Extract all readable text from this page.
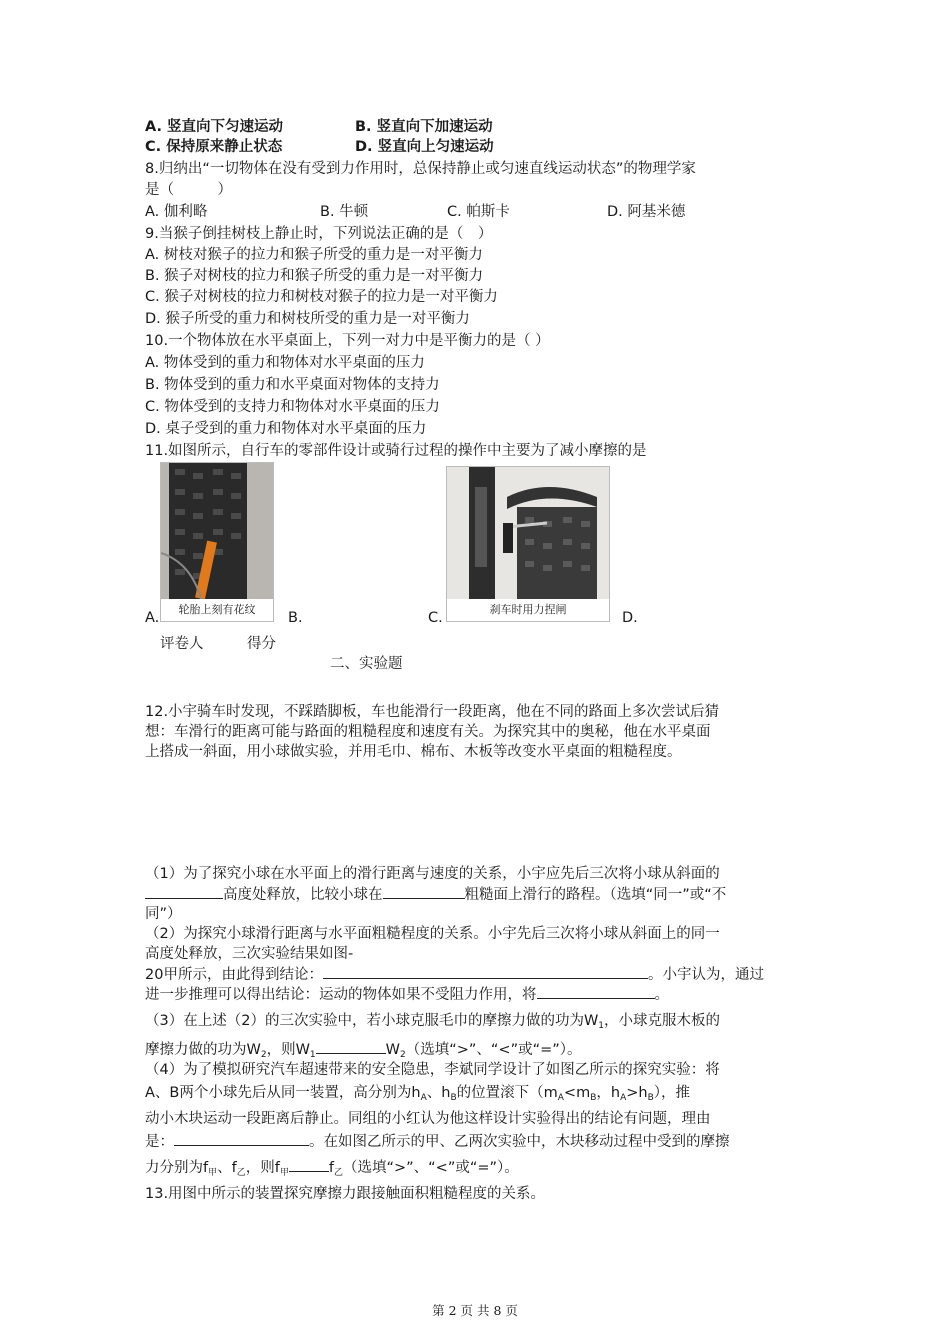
A. 竖直向下匀速运动	B. 竖直向下加速运动
C. 保持原来静止状态	D. 竖直向上匀速运动
8.归纳出“一切物体在没有受到力作用时，总保持静止或匀速直线运动状态”的物理学家
是（　　　）
A. 伽利略	B. 牛顿	C. 帕斯卡	D. 阿基米德
9.当猴子倒挂树枝上静止时，下列说法正确的是（　）
A. 树枝对猴子的拉力和猴子所受的重力是一对平衡力
B. 猴子对树枝的拉力和猴子所受的重力是一对平衡力
C. 猴子对树枝的拉力和树枝对猴子的拉力是一对平衡力
D. 猴子所受的重力和树枝所受的重力是一对平衡力
10.一个物体放在水平桌面上，下列一对力中是平衡力的是（ ）
A. 物体受到的重力和物体对水平桌面的压力
B. 物体受到的重力和水平桌面对物体的支持力
C. 物体受到的支持力和物体对水平桌面的压力
D. 桌子受到的重力和物体对水平桌面的压力
11.如图所示，自行车的零部件设计或骑行过程的操作中主要为了减小摩擦的是
轮胎上刻有花纹	刹车时用力捏闸
A.	B.	C.	D.
评卷人	得分
二、实验题
12.小宇骑车时发现，不踩踏脚板，车也能滑行一段距离，他在不同的路面上多次尝试后猜
想：车滑行的距离可能与路面的粗糙程度和速度有关。为探究其中的奥秘，他在水平桌面
上搭成一斜面，用小球做实验，并用毛巾、棉布、木板等改变水平桌面的粗糙程度。
（1）为了探究小球在水平面上的滑行距离与速度的关系，小宇应先后三次将小球从斜面的
高度处释放，比较小球在	粗糙面上滑行的路程。（选填“同一”或“不
同”）
（2）为探究小球滑行距离与水平面粗糙程度的关系。小宇先后三次将小球从斜面上的同一
高度处释放，三次实验结果如图-
20甲所示，由此得到结论：	。小宇认为，通过
进一步推理可以得出结论：运动的物体如果不受阻力作用，将	。
（3）在上述（2）的三次实验中，若小球克服毛巾的摩擦力做的功为$W_1$，小球克服木板的
摩擦力做的功为$W_2$，则$W_1$	$W_2$（选填“>”、“<”或“=”）。
（4）为了模拟研究汽车超速带来的安全隐患，李斌同学设计了如图乙所示的探究实验：将
A、B两个小球先后从同一装置，高分别为$h_A$、$h_B$的位置滚下（$m_A<m_B$，$h_A>h_B$），推
动小木块运动一段距离后静止。同组的小红认为他这样设计实验得出的结论有问题，理由
是：	。在如图乙所示的甲、乙两次实验中，木块移动过程中受到的摩擦
力分别为$f_甲$、$f_乙$，则$f_甲$	$f_乙$（选填“>”、“<”或“=”）。
13.用图中所示的装置探究摩擦力跟接触面积粗糙程度的关系。
第 2 页 共 8 页
